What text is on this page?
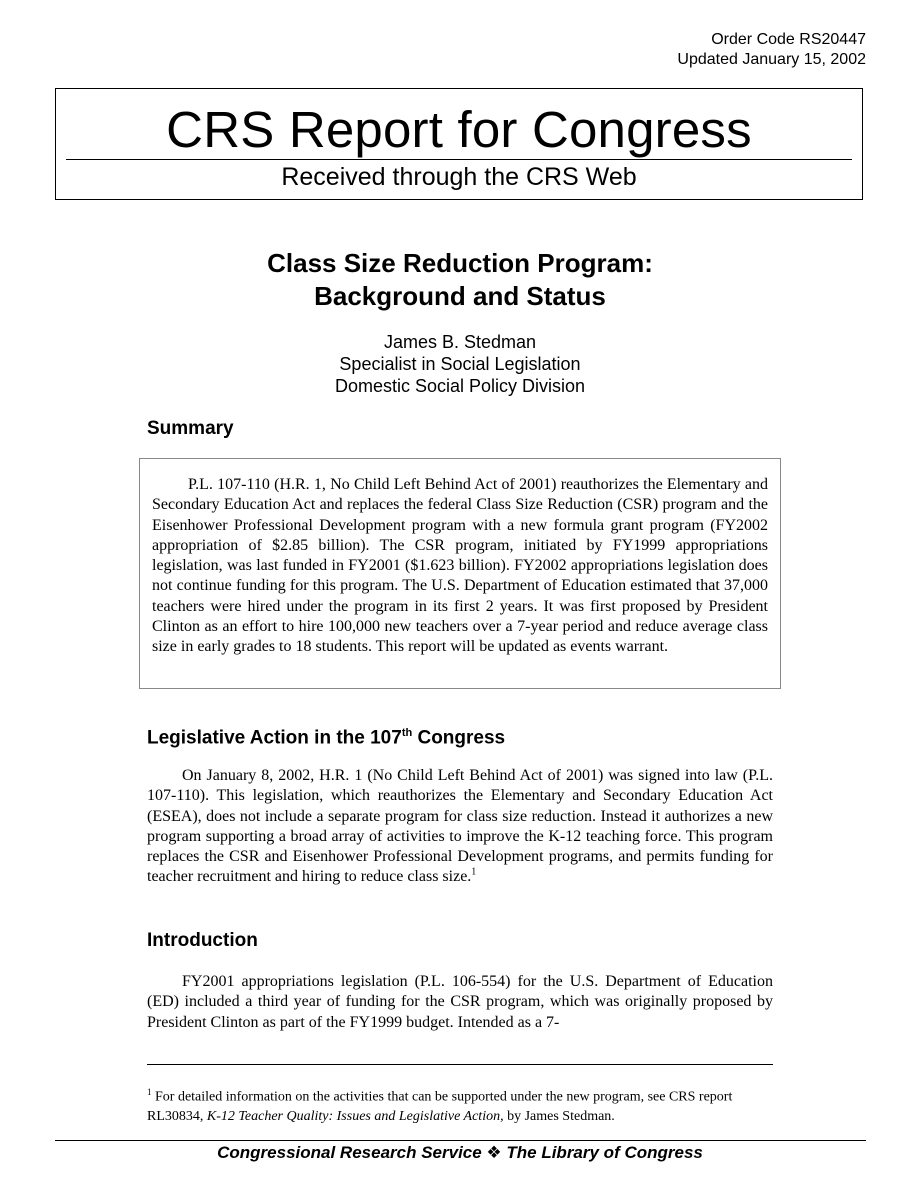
Order Code RS20447
Updated January 15, 2002
CRS Report for Congress
Received through the CRS Web
Class Size Reduction Program:
Background and Status
James B. Stedman
Specialist in Social Legislation
Domestic Social Policy Division
Summary

P.L. 107-110 (H.R. 1, No Child Left Behind Act of 2001) reauthorizes the Elementary and Secondary Education Act and replaces the federal Class Size Reduction (CSR) program and the Eisenhower Professional Development program with a new formula grant program (FY2002 appropriation of $2.85 billion). The CSR program, initiated by FY1999 appropriations legislation, was last funded in FY2001 ($1.623 billion). FY2002 appropriations legislation does not continue funding for this program. The U.S. Department of Education estimated that 37,000 teachers were hired under the program in its first 2 years. It was first proposed by President Clinton as an effort to hire 100,000 new teachers over a 7-year period and reduce average class size in early grades to 18 students. This report will be updated as events warrant.

Legislative Action in the 107th Congress

On January 8, 2002, H.R. 1 (No Child Left Behind Act of 2001) was signed into law (P.L. 107-110). This legislation, which reauthorizes the Elementary and Secondary Education Act (ESEA), does not include a separate program for class size reduction. Instead it authorizes a new program supporting a broad array of activities to improve the K-12 teaching force. This program replaces the CSR and Eisenhower Professional Development programs, and permits funding for teacher recruitment and hiring to reduce class size.$^1$

Introduction

FY2001 appropriations legislation (P.L. 106-554) for the U.S. Department of Education (ED) included a third year of funding for the CSR program, which was originally proposed by President Clinton as part of the FY1999 budget. Intended as a 7-

$^1$ For detailed information on the activities that can be supported under the new program, see CRS report RL30834, K-12 Teacher Quality: Issues and Legislative Action, by James Stedman.

Congressional Research Service ❖ The Library of Congress
